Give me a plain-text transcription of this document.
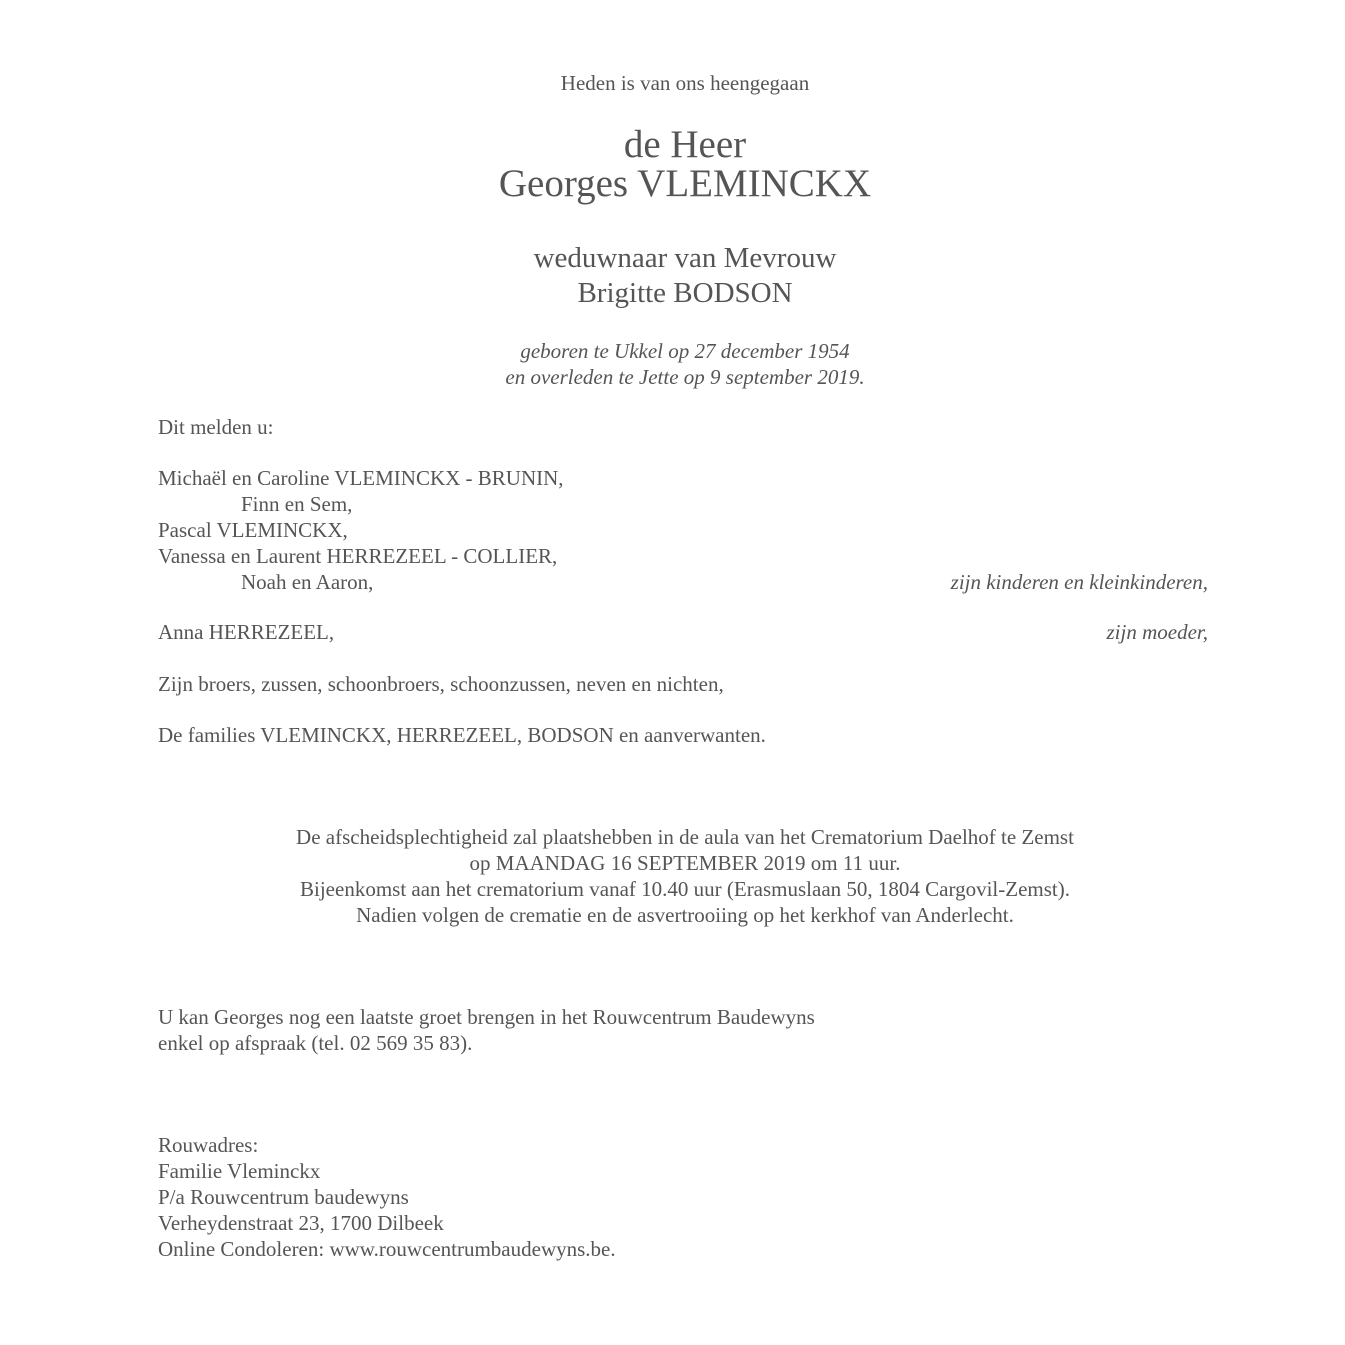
Heden is van ons heengegaan
de Heer
Georges VLEMINCKX
weduwnaar van Mevrouw
Brigitte BODSON
geboren te Ukkel op 27 december 1954
en overleden te Jette op 9 september 2019.
Dit melden u:
Michaël en Caroline VLEMINCKX - BRUNIN,
Finn en Sem,
Pascal VLEMINCKX,
Vanessa en Laurent HERREZEEL - COLLIER,
Noah en Aaron,	zijn kinderen en kleinkinderen,
Anna HERREZEEL,	zijn moeder,
Zijn broers, zussen, schoonbroers, schoonzussen, neven en nichten,
De families VLEMINCKX, HERREZEEL, BODSON en aanverwanten.
De afscheidsplechtigheid zal plaatshebben in de aula van het Crematorium Daelhof te Zemst
op MAANDAG 16 SEPTEMBER 2019 om 11 uur.
Bijeenkomst aan het crematorium vanaf 10.40 uur (Erasmuslaan 50, 1804 Cargovil-Zemst).
Nadien volgen de crematie en de asvertrooiing op het kerkhof van Anderlecht.
U kan Georges nog een laatste groet brengen in het Rouwcentrum Baudewyns
enkel op afspraak (tel. 02 569 35 83).
Rouwadres:
Familie Vleminckx
P/a Rouwcentrum baudewyns
Verheydenstraat 23, 1700 Dilbeek
Online Condoleren: www.rouwcentrumbaudewyns.be.
